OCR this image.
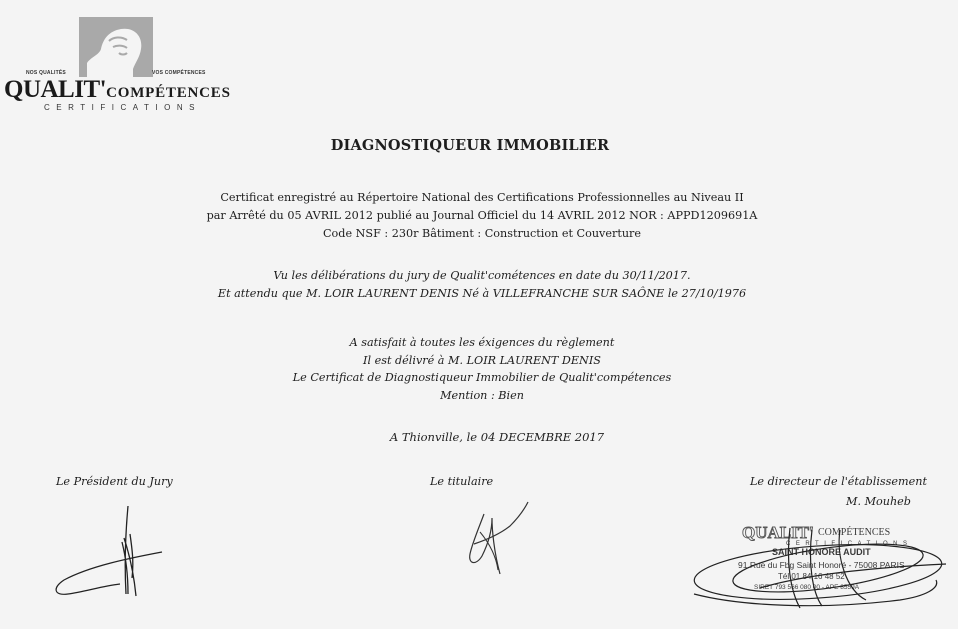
NOS QUALITÉS	VOS COMPÉTENCES
QUALIT'COMPÉTENCES
CERTIFICATIONS
DIAGNOSTIQUEUR IMMOBILIER

Certificat enregistré au Répertoire National des Certifications Professionnelles au Niveau II

par Arrêté du 05 AVRIL 2012 publié au Journal Officiel du 14 AVRIL 2012 NOR : APPD1209691A

Code NSF : 230r Bâtiment : Construction et Couverture

Vu les délibérations du jury de Qualit'cométences en date du 30/11/2017.

Et attendu que M. LOIR LAURENT DENIS Né à VILLEFRANCHE SUR SAÔNE le 27/10/1976

A satisfait à toutes les éxigences du règlement

Il est délivré à M. LOIR LAURENT DENIS

Le Certificat de Diagnostiqueur Immobilier de Qualit'compétences

Mention : Bien

A Thionville, le 04 DECEMBRE 2017
Le Président du Jury	Le titulaire	Le directeur de l'établissement
M. Mouheb
QUALIT' COMPÉTENCES
CERTIFICATIONS
SAINT HONORE AUDIT
91 Rue du Fbg Saint Honoré - 75008 PARIS
Tél 01 84 16 48 52
SIRET 793 566 080 00 - APE 8559A
